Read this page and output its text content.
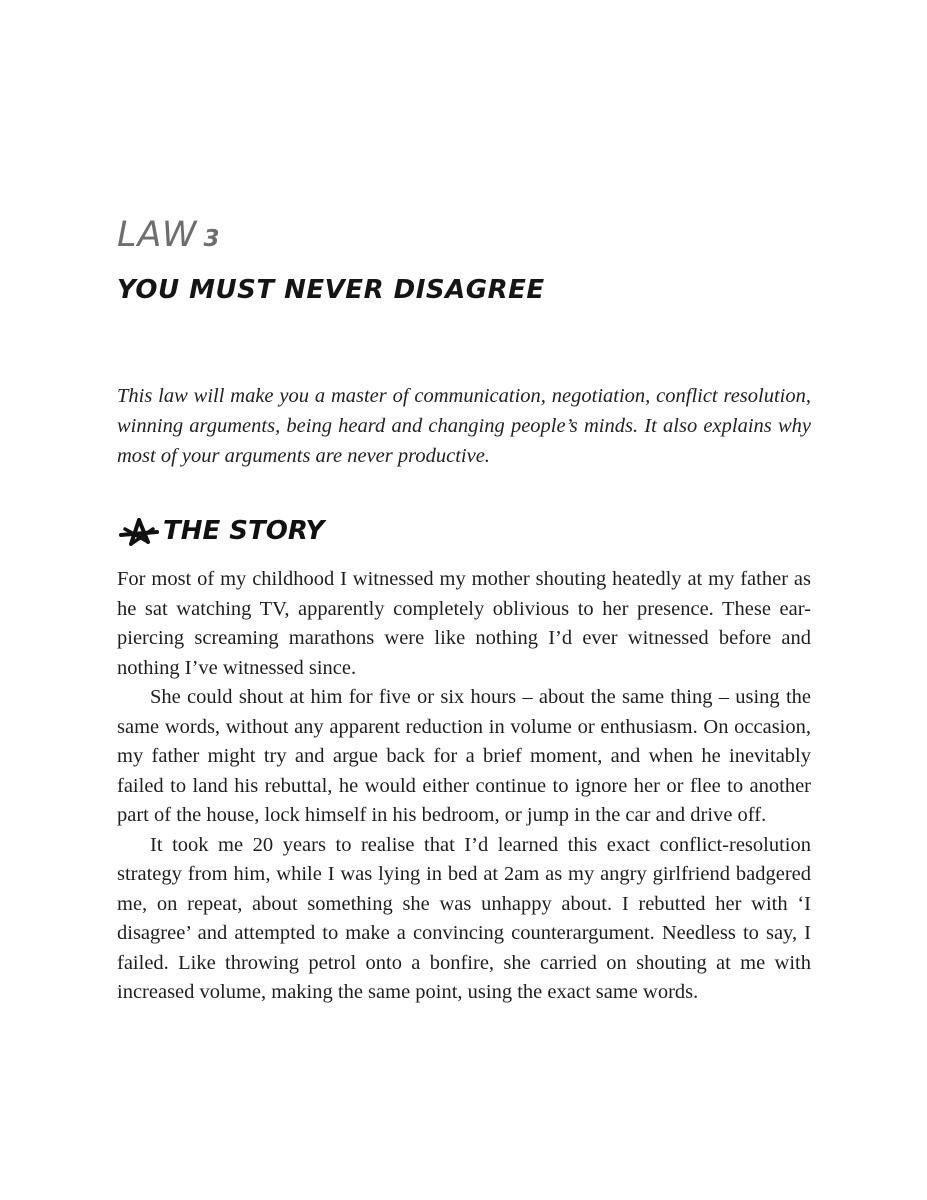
LAW 3
YOU MUST NEVER DISAGREE

This law will make you a master of communication, negotiation, conflict resolution, winning arguments, being heard and changing people’s minds. It also explains why most of your arguments are never productive.

THE STORY

For most of my childhood I witnessed my mother shouting heatedly at my father as he sat watching TV, apparently completely oblivious to her presence. These ear-piercing screaming marathons were like nothing I’d ever witnessed before and nothing I’ve witnessed since.

She could shout at him for five or six hours – about the same thing – using the same words, without any apparent reduction in volume or enthusiasm. On occasion, my father might try and argue back for a brief moment, and when he inevitably failed to land his rebuttal, he would either continue to ignore her or flee to another part of the house, lock himself in his bedroom, or jump in the car and drive off.

It took me 20 years to realise that I’d learned this exact conflict-resolution strategy from him, while I was lying in bed at 2am as my angry girlfriend badgered me, on repeat, about something she was unhappy about. I rebutted her with ‘I disagree’ and attempted to make a convincing counterargument. Needless to say, I failed. Like throwing petrol onto a bonfire, she carried on shouting at me with increased volume, making the same point, using the exact same words.
